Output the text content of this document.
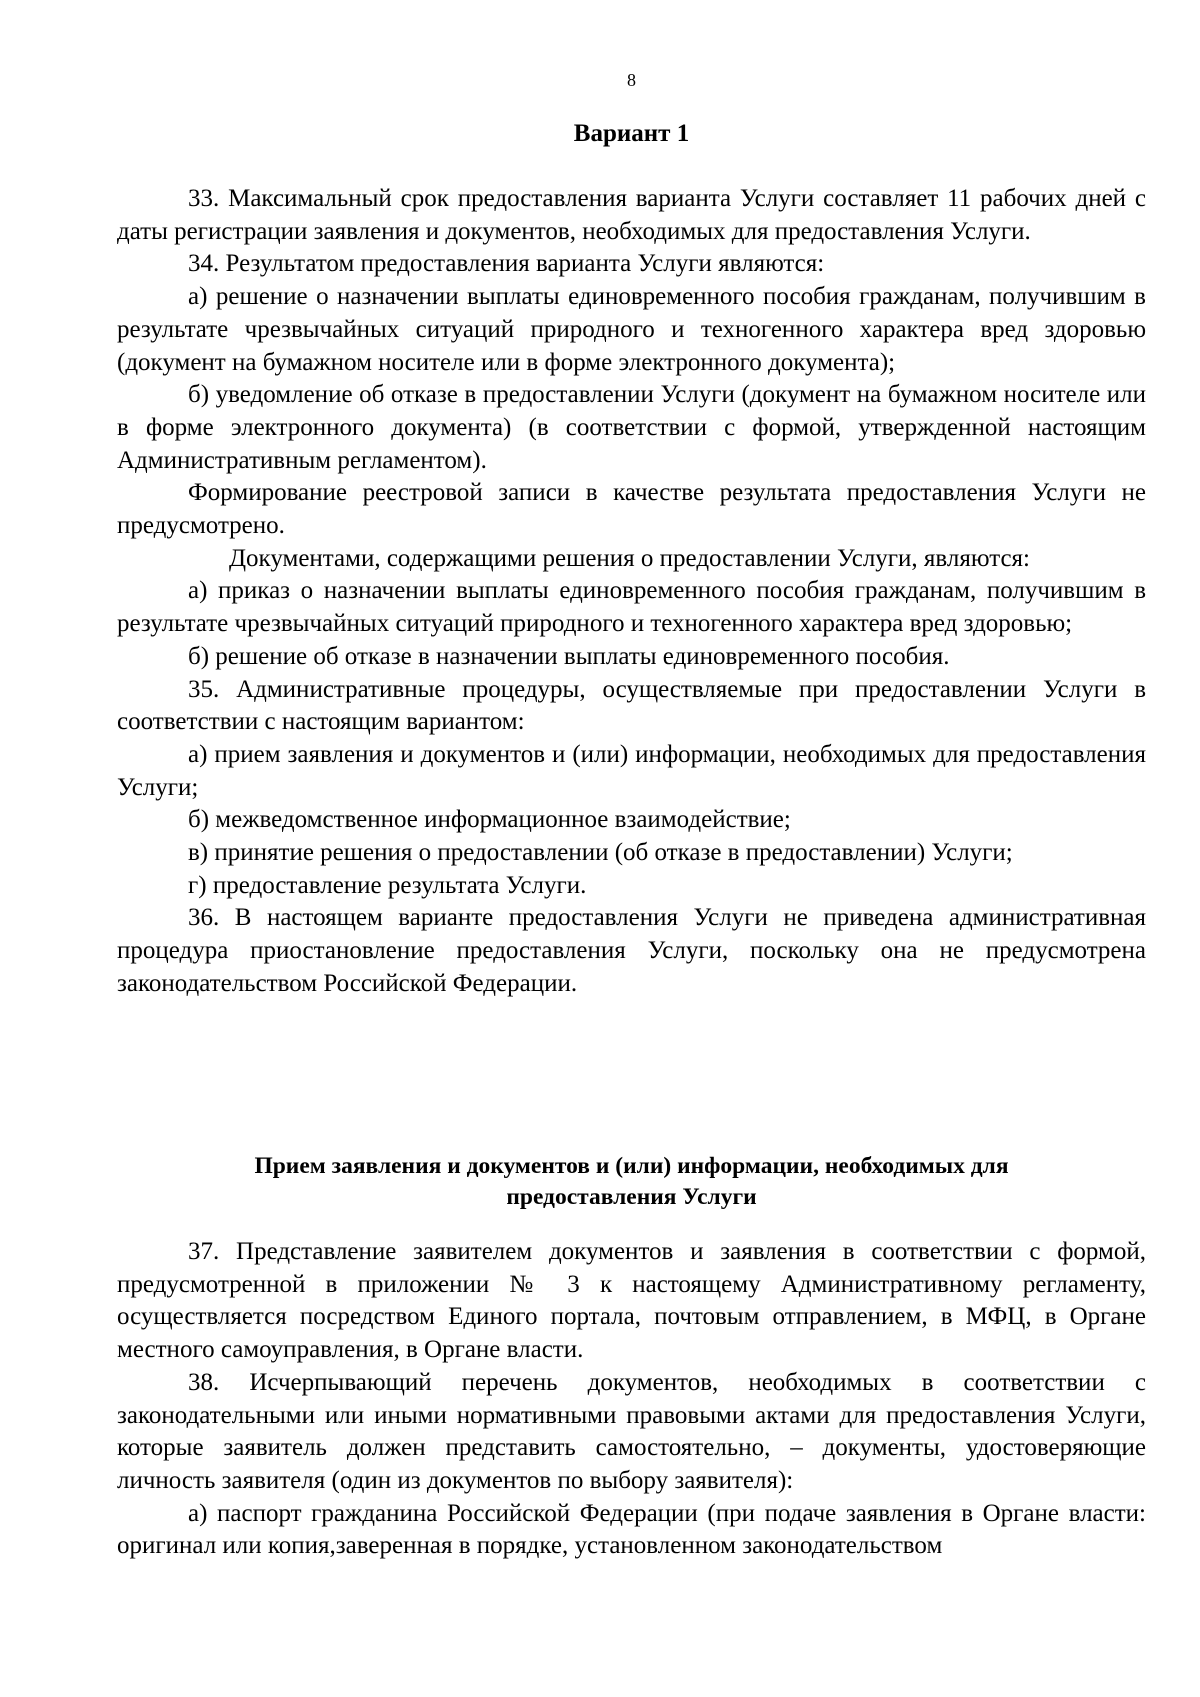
8
Вариант 1

33. Максимальный срок предоставления варианта Услуги составляет 11 рабочих дней с даты регистрации заявления и документов, необходимых для предоставления Услуги.

34. Результатом предоставления варианта Услуги являются:

а) решение о назначении выплаты единовременного пособия гражданам, получившим в результате чрезвычайных ситуаций природного и техногенного характера вред здоровью (документ на бумажном носителе или в форме электронного документа);

б) уведомление об отказе в предоставлении Услуги (документ на бумажном носителе или в форме электронного документа) (в соответствии с формой, утвержденной настоящим Административным регламентом).

Формирование реестровой записи в качестве результата предоставления Услуги не предусмотрено.

Документами, содержащими решения о предоставлении Услуги, являются:

а) приказ о назначении выплаты единовременного пособия гражданам, получившим в результате чрезвычайных ситуаций природного и техногенного характера вред здоровью;

б) решение об отказе в назначении выплаты единовременного пособия.

35. Административные процедуры, осуществляемые при предоставлении Услуги в соответствии с настоящим вариантом:

а) прием заявления и документов и (или) информации, необходимых для предоставления Услуги;

б) межведомственное информационное взаимодействие;

в) принятие решения о предоставлении (об отказе в предоставлении) Услуги;

г) предоставление результата Услуги.

36. В настоящем варианте предоставления Услуги не приведена административная процедура приостановление предоставления Услуги, поскольку она не предусмотрена законодательством Российской Федерации.

Прием заявления и документов и (или) информации, необходимых для
предоставления Услуги

37. Представление заявителем документов и заявления в соответствии с формой, предусмотренной в приложении № 3 к настоящему Административному регламенту, осуществляется посредством Единого портала, почтовым отправлением, в МФЦ, в Органе местного самоуправления, в Органе власти.

38. Исчерпывающий перечень документов, необходимых в соответствии с законодательными или иными нормативными правовыми актами для предоставления Услуги, которые заявитель должен представить самостоятельно, – документы, удостоверяющие личность заявителя (один из документов по выбору заявителя):

а) паспорт гражданина Российской Федерации (при подаче заявления в Органе власти: оригинал или копия,заверенная в порядке, установленном законодательством
